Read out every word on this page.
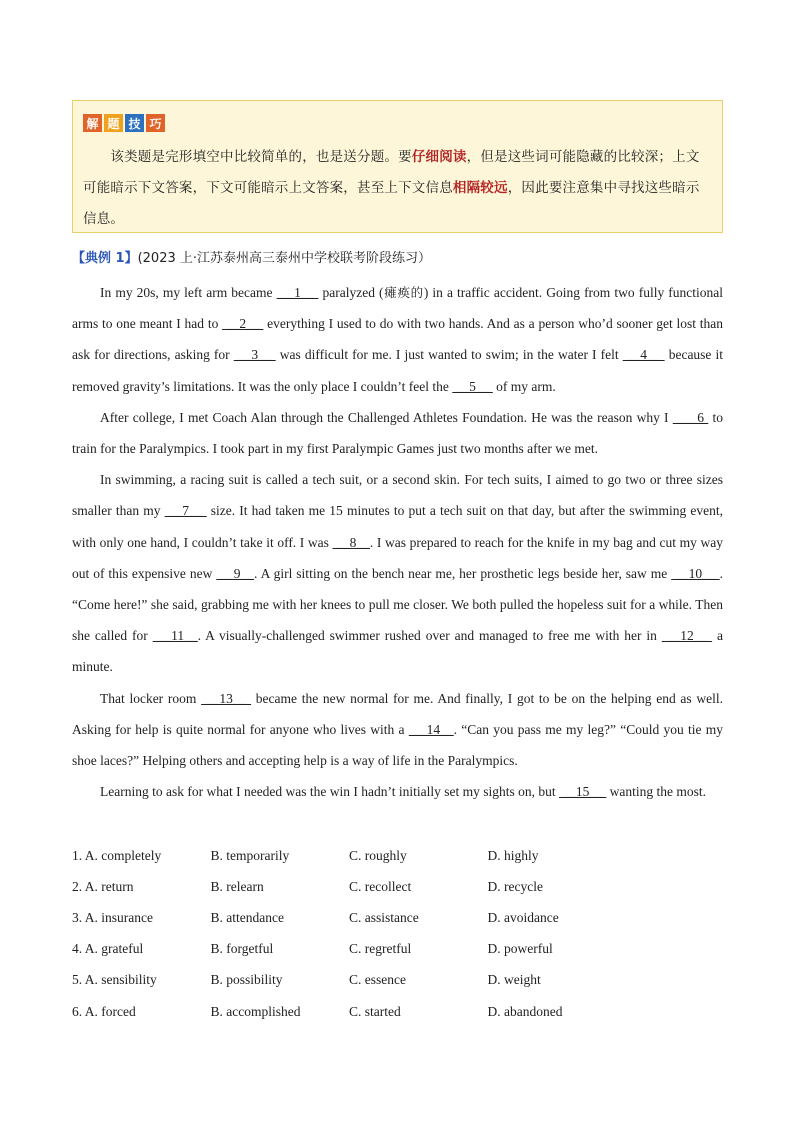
解 题 技 巧
  该类题是完形填空中比较简单的，也是送分题。要仔细阅读，但是这些词可能隐藏的比较深；上文可能暗示下文答案，下文可能暗示上文答案，甚至上下文信息相隔较远，因此要注意集中寻找这些暗示信息。
【典例 1】(2023 上·江苏泰州高三泰州中学校联考阶段练习）

In my 20s, my left arm became  __1__  paralyzed (瘫痪的) in a traffic accident. Going from two fully functional arms to one meant I had to  __2__  everything I used to do with two hands. And as a person who’d sooner get lost than ask for directions, asking for  __3__  was difficult for me. I just wanted to swim; in the water I felt  __4__  because it removed gravity’s limitations. It was the only place I couldn’t feel the  __5__  of my arm.

After college, I met Coach Alan through the Challenged Athletes Foundation. He was the reason why I  ___6  to train for the Paralympics. I took part in my first Paralympic Games just two months after we met.

In swimming, a racing suit is called a tech suit, or a second skin. For tech suits, I aimed to go two or three sizes smaller than my  __7__  size. It had taken me 15 minutes to put a tech suit on that day, but after the swimming event, with only one hand, I couldn’t take it off. I was  __8__. I was prepared to reach for the knife in my bag and cut my way out of this expensive new  __9__. A girl sitting on the bench near me, her prosthetic legs beside her, saw me  __10__ . “Come here!” she said, grabbing me with her knees to pull me closer. We both pulled the hopeless suit for a while. Then she called for  __11__. A visually-challenged swimmer rushed over and managed to free me with her in  __12__  a minute.

That locker room  __13__  became the new normal for me. And finally, I got to be on the helping end as well. Asking for help is quite normal for anyone who lives with a  __14__. “Can you pass me my leg?” “Could you tie my shoe laces?” Helping others and accepting help is a way of life in the Paralympics.

Learning to ask for what I needed was the win I hadn’t initially set my sights on, but  __15__  wanting the most.

1. A. completely	B. temporarily	C. roughly	D. highly
2. A. return	B. relearn	C. recollect	D. recycle
3. A. insurance	B. attendance	C. assistance	D. avoidance
4. A. grateful	B. forgetful	C. regretful	D. powerful
5. A. sensibility	B. possibility	C. essence	D. weight
6. A. forced	B. accomplished	C. started	D. abandoned
